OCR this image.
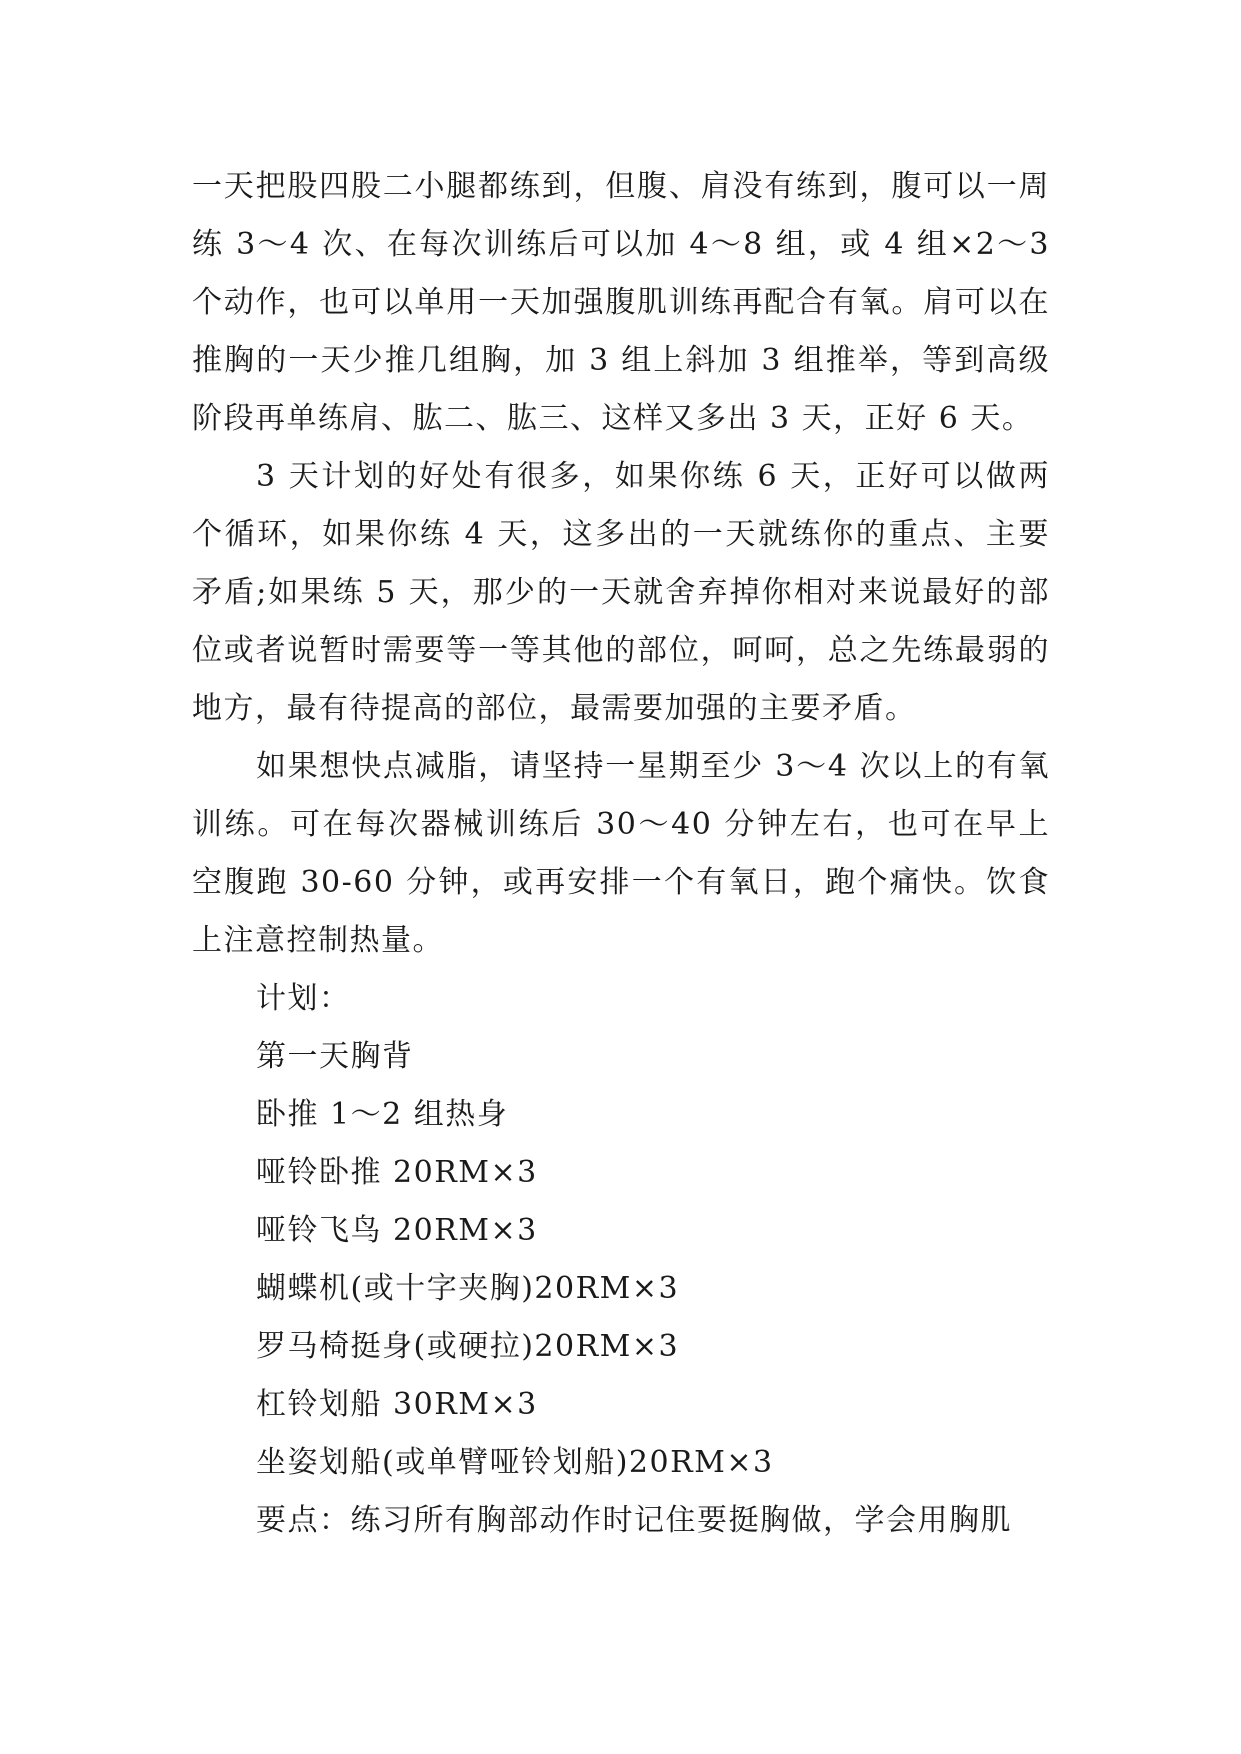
一天把股四股二小腿都练到，但腹、肩没有练到，腹可以一周练 3～4 次、在每次训练后可以加 4～8 组，或 4 组×2～3 个动作，也可以单用一天加强腹肌训练再配合有氧。肩可以在推胸的一天少推几组胸，加 3 组上斜加 3 组推举，等到高级阶段再单练肩、肱二、肱三、这样又多出 3 天，正好 6 天。

3 天计划的好处有很多，如果你练 6 天，正好可以做两个循环，如果你练 4 天，这多出的一天就练你的重点、主要矛盾;如果练 5 天，那少的一天就舍弃掉你相对来说最好的部位或者说暂时需要等一等其他的部位，呵呵，总之先练最弱的地方，最有待提高的部位，最需要加强的主要矛盾。

如果想快点减脂，请坚持一星期至少 3～4 次以上的有氧训练。可在每次器械训练后 30～40 分钟左右，也可在早上空腹跑 30-60 分钟，或再安排一个有氧日，跑个痛快。饮食上注意控制热量。

计划：
第一天胸背
卧推 1～2 组热身
哑铃卧推 20RM×3
哑铃飞鸟 20RM×3
蝴蝶机(或十字夹胸)20RM×3
罗马椅挺身(或硬拉)20RM×3
杠铃划船 30RM×3
坐姿划船(或单臂哑铃划船)20RM×3
要点：练习所有胸部动作时记住要挺胸做，学会用胸肌
